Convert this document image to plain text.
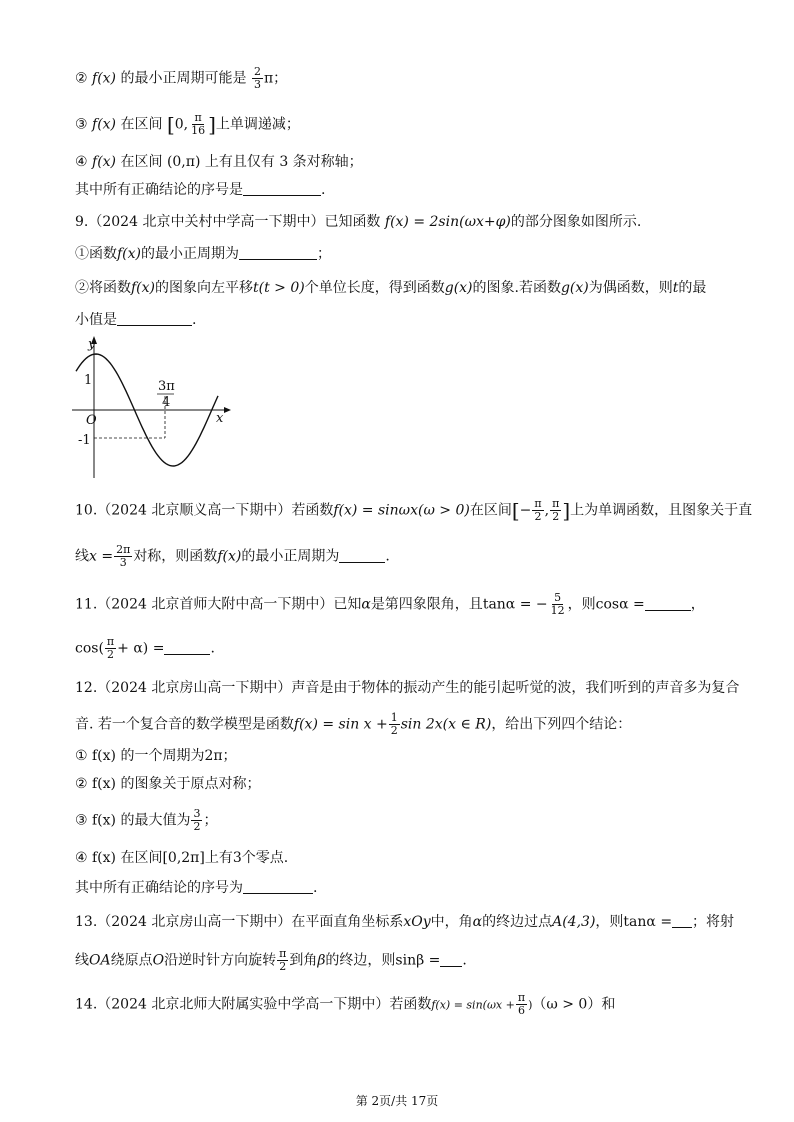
② f(x) 的最小正周期可能是 $\frac{2}{3}$ π；
③ f(x) 在区间 [0, $\frac{\pi}{16}$ ]上单调递减；
④ f(x) 在区间 (0,π) 上有且仅有 3 条对称轴；
其中所有正确结论的序号是	.
9.（2024 北京中关村中学高一下期中）已知函数 f(x) = 2sin(ωx+φ)的部分图象如图所示.
①函数f(x)的最小正周期为	；
②将函数f(x)的图象向左平移t(t > 0)个单位长度，得到函数g(x)的图象.若函数g(x)为偶函数，则t的最
小值是	.
y
x
O
1
-1
3π
4
10.（2024 北京顺义高一下期中）若函数f(x) = sinωx(ω > 0)在区间[− $\frac{\pi}{2}$ , $\frac{\pi}{2}$ ]上为单调函数，且图象关于直
线$x = \frac{2\pi}{3}$ 对称，则函数f(x)的最小正周期为	.
11.（2024 北京首师大附中高一下期中）已知α是第四象限角，且tanα = − $\frac{5}{12}$ ，则cosα =	，
$\cos( \frac{\pi}{2} + \alpha)$ =	.
12.（2024 北京房山高一下期中）声音是由于物体的振动产生的能引起听觉的波，我们听到的声音多为复合
音. 若一个复合音的数学模型是函数$f(x) = \sin x + \frac{1}{2}$ sin 2x(x ∈ R)，给出下列四个结论：
① f(x) 的一个周期为2π；
② f(x) 的图象关于原点对称；
③ f(x) 的最大值为 $\frac{3}{2}$ ；
④ f(x) 在区间[0,2π]上有3个零点.
其中所有正确结论的序号为	.
13.（2024 北京房山高一下期中）在平面直角坐标系xOy中，角α的终边过点A(4,3)，则tanα = ；将射
线OA绕原点O沿逆时针方向旋转 $\frac{\pi}{2}$ 到角β的终边，则sinβ = .
14.（2024 北京北师大附属实验中学高一下期中）若函数$f(x) = \sin(\omega x + \frac{\pi}{6} )(\omega > 0)$和
第 2页/共 17页
